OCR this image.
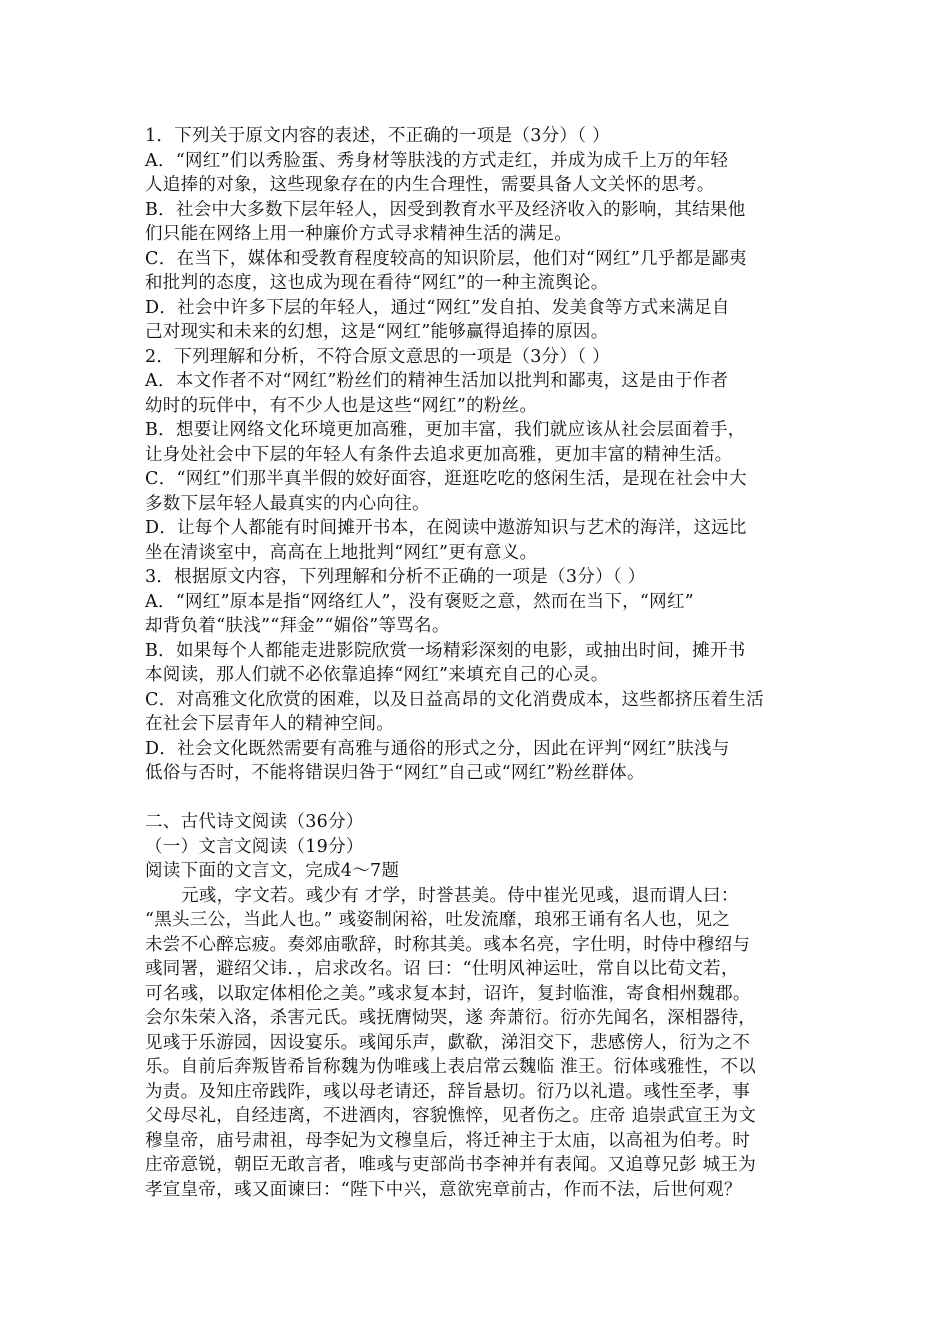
1．下列关于原文内容的表述，不正确的一项是（3分）（ ）
A．“网红”们以秀脸蛋、秀身材等肤浅的方式走红，并成为成千上万的年轻
人追捧的对象，这些现象存在的内生合理性，需要具备人文关怀的思考。
B．社会中大多数下层年轻人，因受到教育水平及经济收入的影响，其结果他
们只能在网络上用一种廉价方式寻求精神生活的满足。
C．在当下，媒体和受教育程度较高的知识阶层，他们对“网红”几乎都是鄙夷
和批判的态度，这也成为现在看待“网红”的一种主流舆论。
D．社会中许多下层的年轻人，通过“网红”发自拍、发美食等方式来满足自
己对现实和未来的幻想，这是“网红”能够赢得追捧的原因。
2．下列理解和分析，不符合原文意思的一项是（3分）（ ）
A．本文作者不对“网红”粉丝们的精神生活加以批判和鄙夷，这是由于作者
幼时的玩伴中，有不少人也是这些“网红”的粉丝。
B．想要让网络文化环境更加高雅，更加丰富，我们就应该从社会层面着手，
让身处社会中下层的年轻人有条件去追求更加高雅，更加丰富的精神生活。
C．“网红”们那半真半假的姣好面容，逛逛吃吃的悠闲生活，是现在社会中大
多数下层年轻人最真实的内心向往。
D．让每个人都能有时间摊开书本，在阅读中遨游知识与艺术的海洋，这远比
坐在清谈室中，高高在上地批判“网红”更有意义。
3．根据原文内容，下列理解和分析不正确的一项是（3分）（ ）
A．“网红”原本是指“网络红人”，没有褒贬之意，然而在当下，“网红”
却背负着“肤浅”“拜金”“媚俗”等骂名。
B．如果每个人都能走进影院欣赏一场精彩深刻的电影，或抽出时间，摊开书
本阅读，那人们就不必依靠追捧“网红”来填充自己的心灵。
C．对高雅文化欣赏的困难，以及日益高昂的文化消费成本，这些都挤压着生活
在社会下层青年人的精神空间。
D．社会文化既然需要有高雅与通俗的形式之分，因此在评判“网红”肤浅与
低俗与否时，不能将错误归咎于“网红”自己或“网红”粉丝群体。
二、古代诗文阅读（36分）
（一）文言文阅读（19分）
阅读下面的文言文，完成4～7题
元彧，字文若。彧少有 才学，时誉甚美。侍中崔光见彧，退而谓人曰：
“黑头三公，当此人也。” 彧姿制闲裕，吐发流靡，琅邪王诵有名人也，见之
未尝不心醉忘疲。奏郊庙歌辞，时称其美。彧本名亮，字仕明，时侍中穆绍与
彧同署，避绍父讳．，启求改名。诏 曰：“仕明风神运吐，常自以比荀文若，
可名彧，以取定体相伦之美。”彧求复本封，诏许，复封临淮，寄食相州魏郡。
会尔朱荣入洛，杀害元氏。彧抚膺恸哭，遂 奔萧衍。衍亦先闻名，深相器待，
见彧于乐游园，因设宴乐。彧闻乐声，歔欷，涕泪交下，悲感傍人，衍为之不
乐。自前后奔叛皆希旨称魏为伪唯彧上表启常云魏临 淮王。衍体彧雅性，不以
为责。及知庄帝践阼，彧以母老请还，辞旨悬切。衍乃以礼遣。彧性至孝，事
父母尽礼，自经违离，不进酒肉，容貌憔悴，见者伤之。庄帝 追崇武宣王为文
穆皇帝，庙号肃祖，母李妃为文穆皇后，将迁神主于太庙，以高祖为伯考。时
庄帝意锐，朝臣无敢言者，唯彧与吏部尚书李神并有表闻。又追尊兄彭 城王为
孝宣皇帝，彧又面谏曰：“陛下中兴，意欲宪章前古，作而不法，后世何观？
